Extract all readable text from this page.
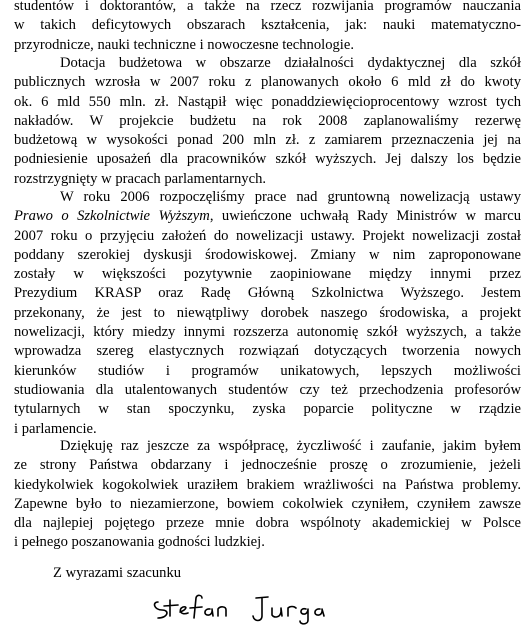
studentów i doktorantów, a także na rzecz rozwijania programów nauczania
w takich deficytowych obszarach kształcenia, jak: nauki matematyczno-
przyrodnicze, nauki techniczne i nowoczesne technologie.
Dotacja budżetowa w obszarze działalności dydaktycznej dla szkół
publicznych wzrosła w 2007 roku z planowanych około 6 mld zł do kwoty
ok. 6 mld 550 mln. zł. Nastąpił więc ponaddziewięcioprocentowy wzrost tych
nakładów. W projekcie budżetu na rok 2008 zaplanowaliśmy rezerwę
budżetową w wysokości ponad 200 mln zł. z zamiarem przeznaczenia jej na
podniesienie uposażeń dla pracowników szkół wyższych. Jej dalszy los będzie
rozstrzygnięty w pracach parlamentarnych.
W roku 2006 rozpoczęliśmy prace nad gruntowną nowelizacją ustawy
Prawo o Szkolnictwie Wyższym, uwieńczone uchwałą Rady Ministrów w marcu
2007 roku o przyjęciu założeń do nowelizacji ustawy. Projekt nowelizacji został
poddany szerokiej dyskusji środowiskowej. Zmiany w nim zaproponowane
zostały w większości pozytywnie zaopiniowane między innymi przez
Prezydium KRASP oraz Radę Główną Szkolnictwa Wyższego. Jestem
przekonany, że jest to niewątpliwy dorobek naszego środowiska, a projekt
nowelizacji, który miedzy innymi rozszerza autonomię szkół wyższych, a także
wprowadza szereg elastycznych rozwiązań dotyczących tworzenia nowych
kierunków studiów i programów unikatowych, lepszych możliwości
studiowania dla utalentowanych studentów czy też przechodzenia profesorów
tytularnych w stan spoczynku, zyska poparcie polityczne w rządzie
i parlamencie.
Dziękuję raz jeszcze za współpracę, życzliwość i zaufanie, jakim byłem
ze strony Państwa obdarzany i jednocześnie proszę o zrozumienie, jeżeli
kiedykolwiek kogokolwiek uraziłem brakiem wrażliwości na Państwa problemy.
Zapewne było to niezamierzone, bowiem cokolwiek czyniłem, czyniłem zawsze
dla najlepiej pojętego przeze mnie dobra wspólnoty akademickiej w Polsce
i pełnego poszanowania godności ludzkiej.
Z wyrazami szacunku
